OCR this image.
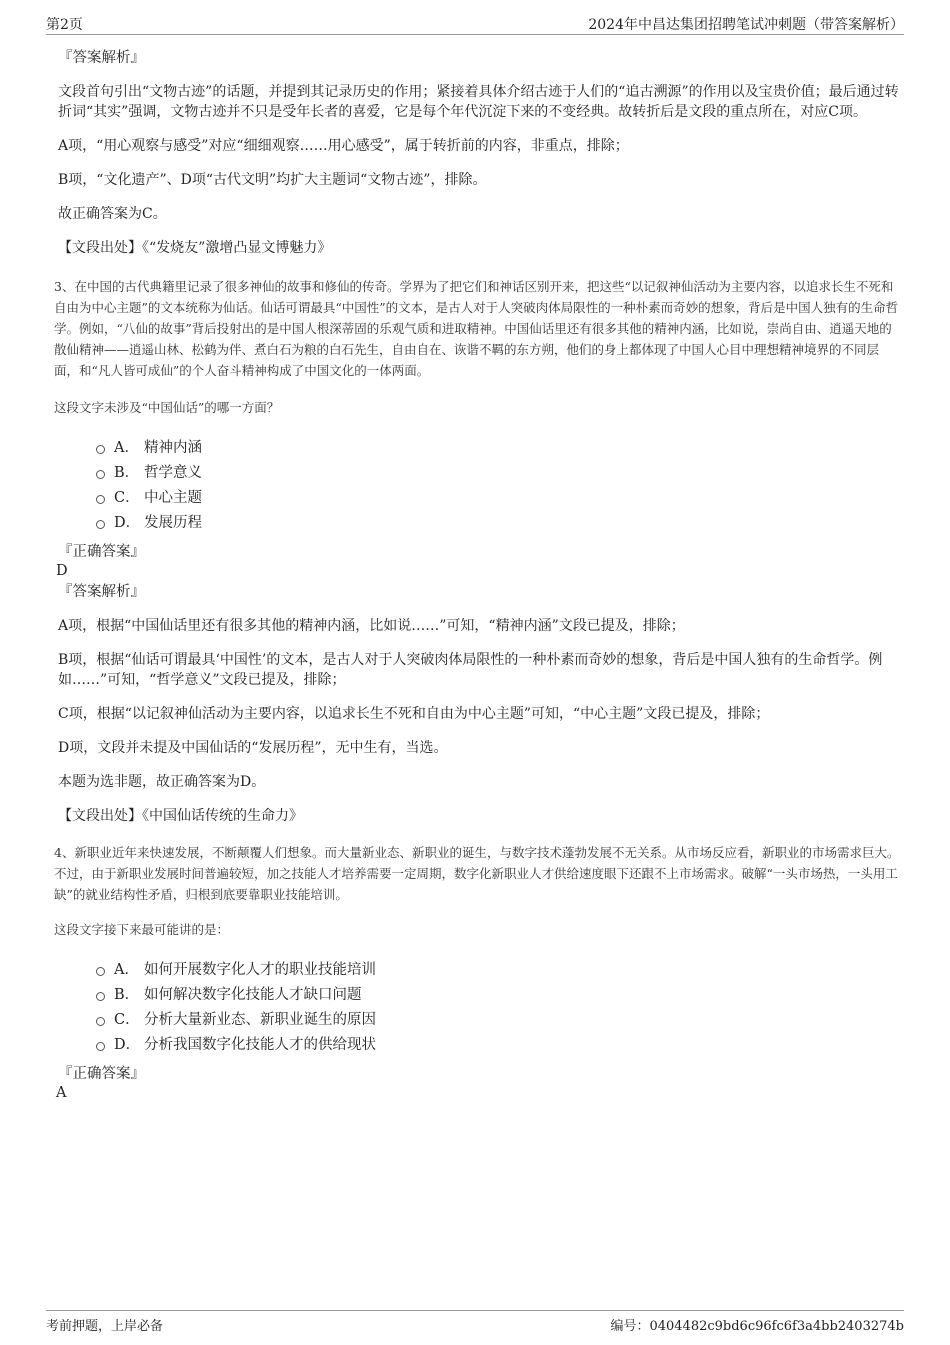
第2页	2024年中昌达集团招聘笔试冲刺题（带答案解析）
『答案解析』
文段首句引出“文物古迹”的话题，并提到其记录历史的作用；紧接着具体介绍古迹于人们的“追古溯源”的作用以及宝贵价值；最后通过转折词“其实”强调，文物古迹并不只是受年长者的喜爱，它是每个年代沉淀下来的不变经典。故转折后是文段的重点所在，对应C项。
A项，“用心观察与感受”对应“细细观察……用心感受”，属于转折前的内容，非重点，排除；
B项，“文化遗产”、D项“古代文明”均扩大主题词“文物古迹”，排除。
故正确答案为C。
【文段出处】《“发烧友”激增凸显文博魅力》
3、在中国的古代典籍里记录了很多神仙的故事和修仙的传奇。学界为了把它们和神话区别开来，把这些“以记叙神仙活动为主要内容，以追求长生不死和自由为中心主题”的文本统称为仙话。仙话可谓最具“中国性”的文本，是古人对于人突破肉体局限性的一种朴素而奇妙的想象，背后是中国人独有的生命哲学。例如，“八仙的故事”背后投射出的是中国人根深蒂固的乐观气质和进取精神。中国仙话里还有很多其他的精神内涵，比如说，崇尚自由、逍遥天地的散仙精神——逍遥山林、松鹤为伴、煮白石为粮的白石先生，自由自在、诙谐不羁的东方朔，他们的身上都体现了中国人心目中理想精神境界的不同层面，和“凡人皆可成仙”的个人奋斗精神构成了中国文化的一体两面。
这段文字未涉及“中国仙话”的哪一方面？
A． 精神内涵
B． 哲学意义
C． 中心主题
D． 发展历程
『正确答案』
D
『答案解析』
A项，根据“中国仙话里还有很多其他的精神内涵，比如说……”可知，“精神内涵”文段已提及，排除；
B项，根据“仙话可谓最具‘中国性’的文本，是古人对于人突破肉体局限性的一种朴素而奇妙的想象，背后是中国人独有的生命哲学。例如……”可知，“哲学意义”文段已提及，排除；
C项，根据“以记叙神仙活动为主要内容，以追求长生不死和自由为中心主题”可知，“中心主题”文段已提及，排除；
D项，文段并未提及中国仙话的“发展历程”，无中生有，当选。
本题为选非题，故正确答案为D。
【文段出处】《中国仙话传统的生命力》
4、新职业近年来快速发展，不断颠覆人们想象。而大量新业态、新职业的诞生，与数字技术蓬勃发展不无关系。从市场反应看，新职业的市场需求巨大。不过，由于新职业发展时间普遍较短，加之技能人才培养需要一定周期，数字化新职业人才供给速度眼下还跟不上市场需求。破解“一头市场热，一头用工缺”的就业结构性矛盾，归根到底要靠职业技能培训。
这段文字接下来最可能讲的是：
A． 如何开展数字化人才的职业技能培训
B． 如何解决数字化技能人才缺口问题
C． 分析大量新业态、新职业诞生的原因
D． 分析我国数字化技能人才的供给现状
『正确答案』
A
考前押题，上岸必备	编号：0404482c9bd6c96fc6f3a4bb2403274b
